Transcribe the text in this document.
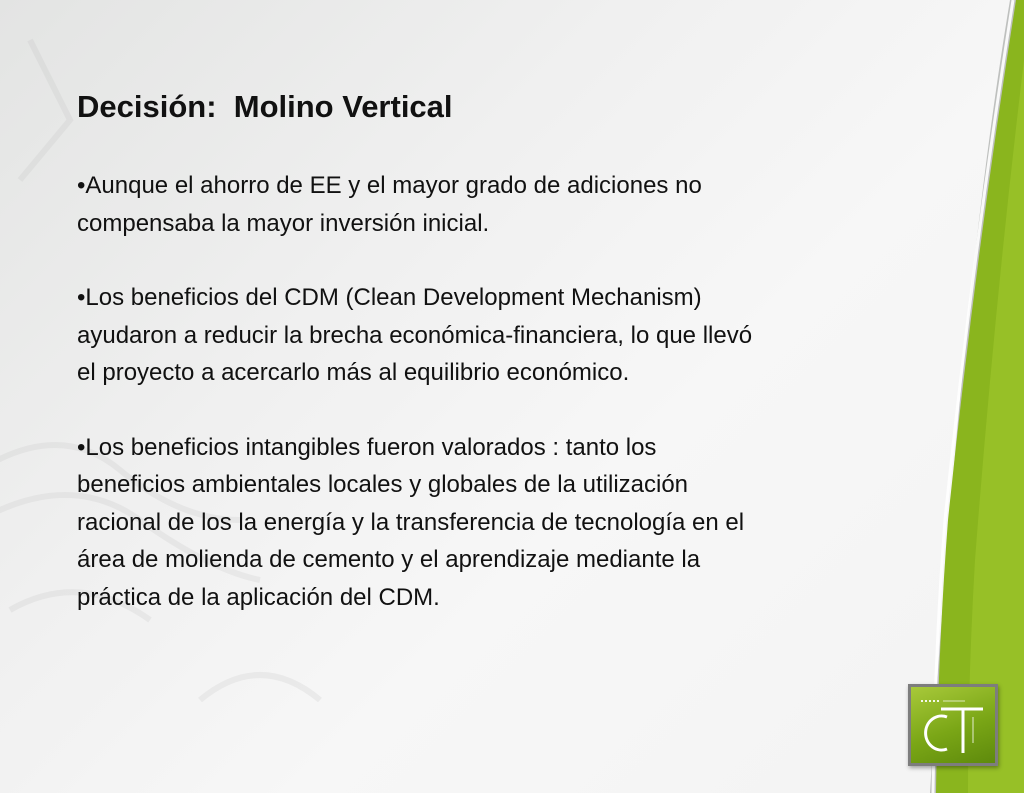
Decisión:  Molino Vertical
•Aunque el ahorro de EE y el mayor grado de adiciones no
compensaba la mayor inversión inicial.
•Los beneficios del CDM (Clean Development Mechanism)
ayudaron a reducir la brecha económica-financiera, lo que llevó
el proyecto a acercarlo más al equilibrio económico.
•Los beneficios intangibles fueron valorados : tanto los
beneficios ambientales locales y globales de la utilización
racional de los la energía y la transferencia de tecnología en el
área de molienda de cemento y el aprendizaje mediante la
práctica de la aplicación del CDM.
